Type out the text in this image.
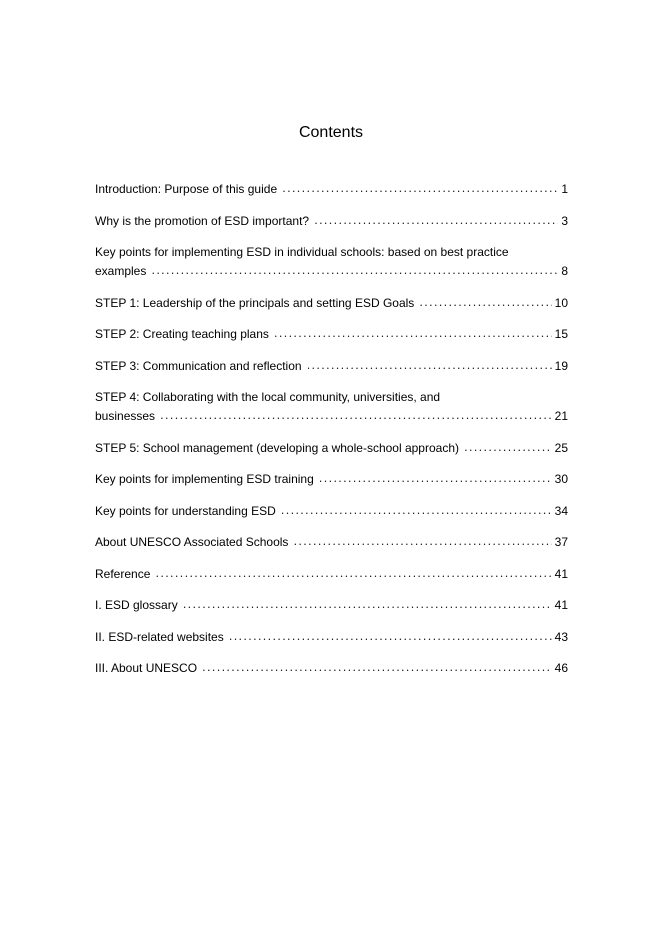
Contents
Introduction: Purpose of this guide •••••	1
Why is the promotion of ESD important? •••••	3
Key points for implementing ESD in individual schools: based on best practice
examples •••••	8
STEP 1: Leadership of the principals and setting ESD Goals •••••	10
STEP 2: Creating teaching plans •••••	15
STEP 3: Communication and reflection •••••	19
STEP 4: Collaborating with the local community, universities, and
businesses •••••	21
STEP 5: School management (developing a whole-school approach) •••••	25
Key points for implementing ESD training •••••	30
Key points for understanding ESD •••••	34
About UNESCO Associated Schools •••••	37
Reference •••••	41
I. ESD glossary •••••	41
II. ESD-related websites •••••	43
III. About UNESCO •••••	46
